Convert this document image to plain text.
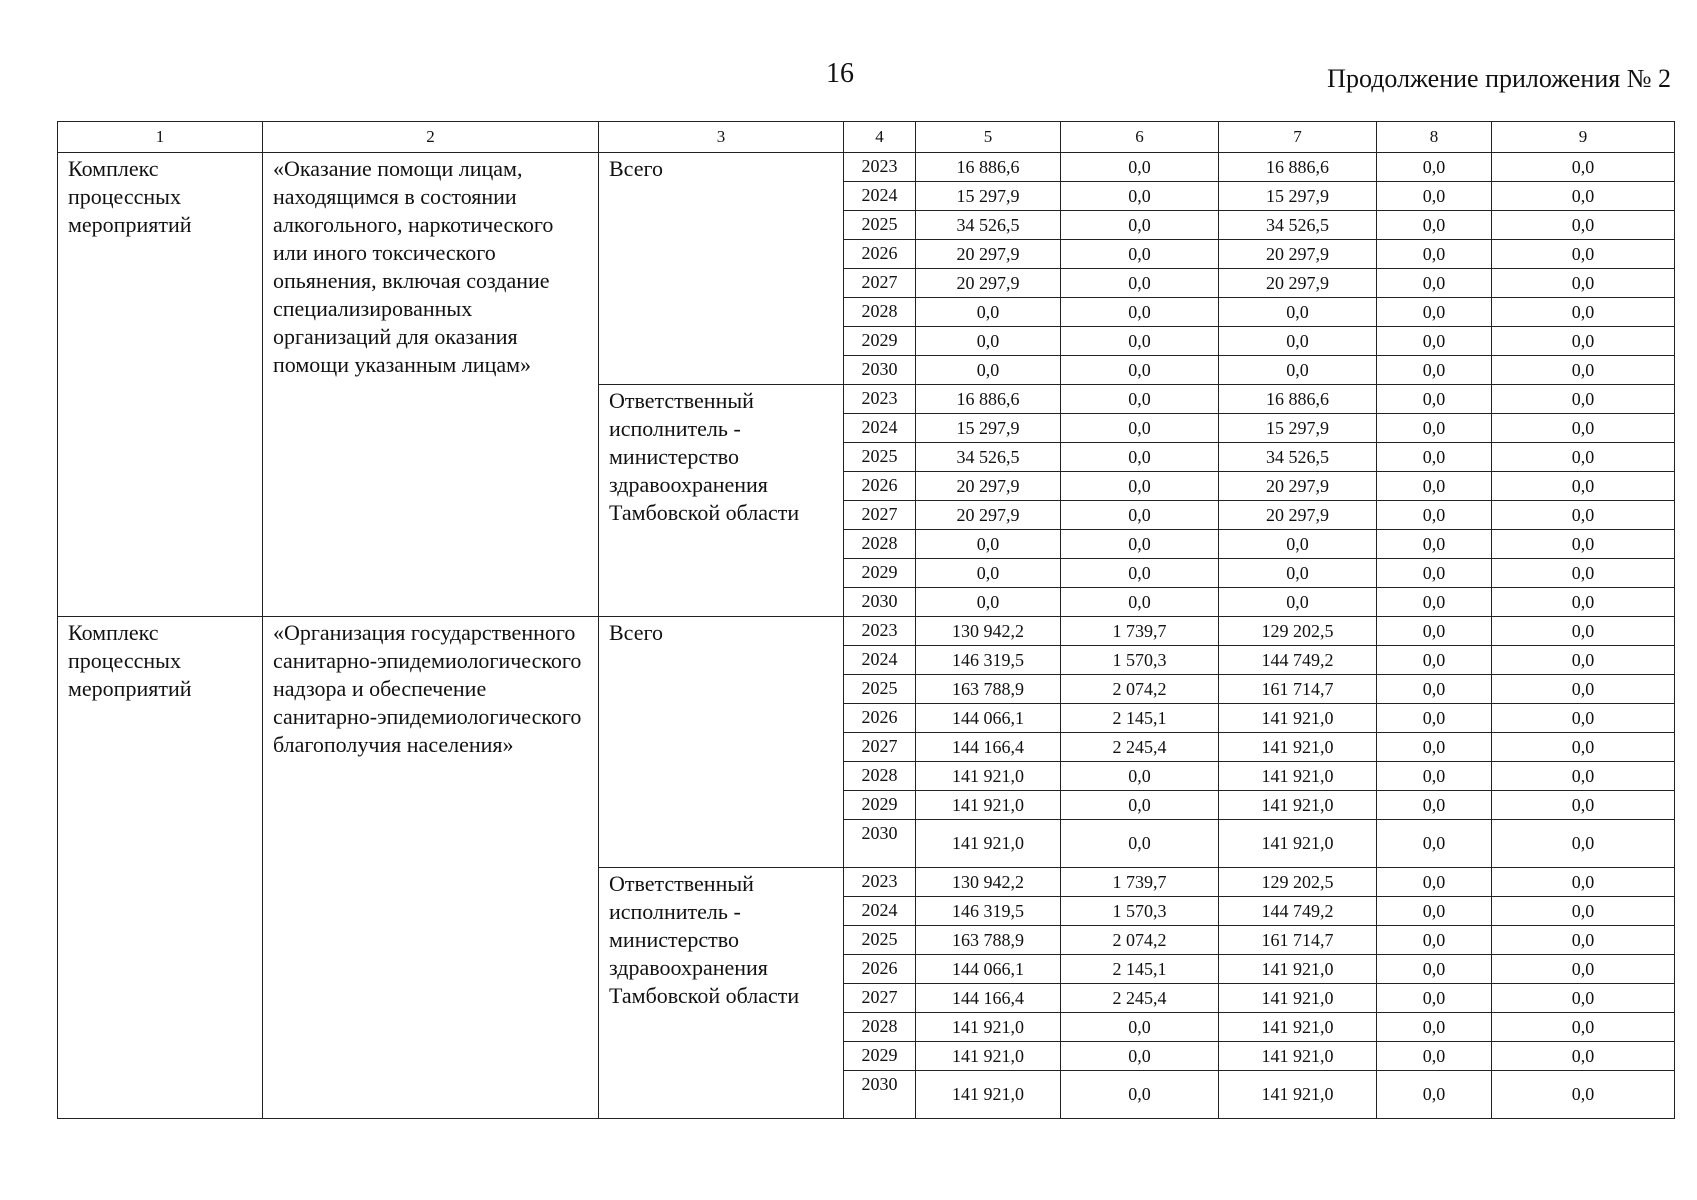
16	Продолжение приложения № 2
1	2	3	4	5	6	7	8	9
Комплекс процессных мероприятий	«Оказание помощи лицам, находящимся в состоянии алкогольного, наркотического или иного токсического опьянения, включая создание специализированных организаций для оказания помощи указанным лицам»	Всего	2023	16 886,6	0,0	16 886,6	0,0	0,0
			2024	15 297,9	0,0	15 297,9	0,0	0,0
			2025	34 526,5	0,0	34 526,5	0,0	0,0
			2026	20 297,9	0,0	20 297,9	0,0	0,0
			2027	20 297,9	0,0	20 297,9	0,0	0,0
			2028	0,0	0,0	0,0	0,0	0,0
			2029	0,0	0,0	0,0	0,0	0,0
			2030	0,0	0,0	0,0	0,0	0,0
		Ответственный исполнитель - министерство здравоохранения Тамбовской области	2023	16 886,6	0,0	16 886,6	0,0	0,0
			2024	15 297,9	0,0	15 297,9	0,0	0,0
			2025	34 526,5	0,0	34 526,5	0,0	0,0
			2026	20 297,9	0,0	20 297,9	0,0	0,0
			2027	20 297,9	0,0	20 297,9	0,0	0,0
			2028	0,0	0,0	0,0	0,0	0,0
			2029	0,0	0,0	0,0	0,0	0,0
			2030	0,0	0,0	0,0	0,0	0,0
Комплекс процессных мероприятий	«Организация государственного санитарно-эпидемиологического надзора и обеспечение санитарно-эпидемиологического благополучия населения»	Всего	2023	130 942,2	1 739,7	129 202,5	0,0	0,0
			2024	146 319,5	1 570,3	144 749,2	0,0	0,0
			2025	163 788,9	2 074,2	161 714,7	0,0	0,0
			2026	144 066,1	2 145,1	141 921,0	0,0	0,0
			2027	144 166,4	2 245,4	141 921,0	0,0	0,0
			2028	141 921,0	0,0	141 921,0	0,0	0,0
			2029	141 921,0	0,0	141 921,0	0,0	0,0
			2030	141 921,0	0,0	141 921,0	0,0	0,0
		Ответственный исполнитель - министерство здравоохранения Тамбовской области	2023	130 942,2	1 739,7	129 202,5	0,0	0,0
			2024	146 319,5	1 570,3	144 749,2	0,0	0,0
			2025	163 788,9	2 074,2	161 714,7	0,0	0,0
			2026	144 066,1	2 145,1	141 921,0	0,0	0,0
			2027	144 166,4	2 245,4	141 921,0	0,0	0,0
			2028	141 921,0	0,0	141 921,0	0,0	0,0
			2029	141 921,0	0,0	141 921,0	0,0	0,0
			2030	141 921,0	0,0	141 921,0	0,0	0,0
